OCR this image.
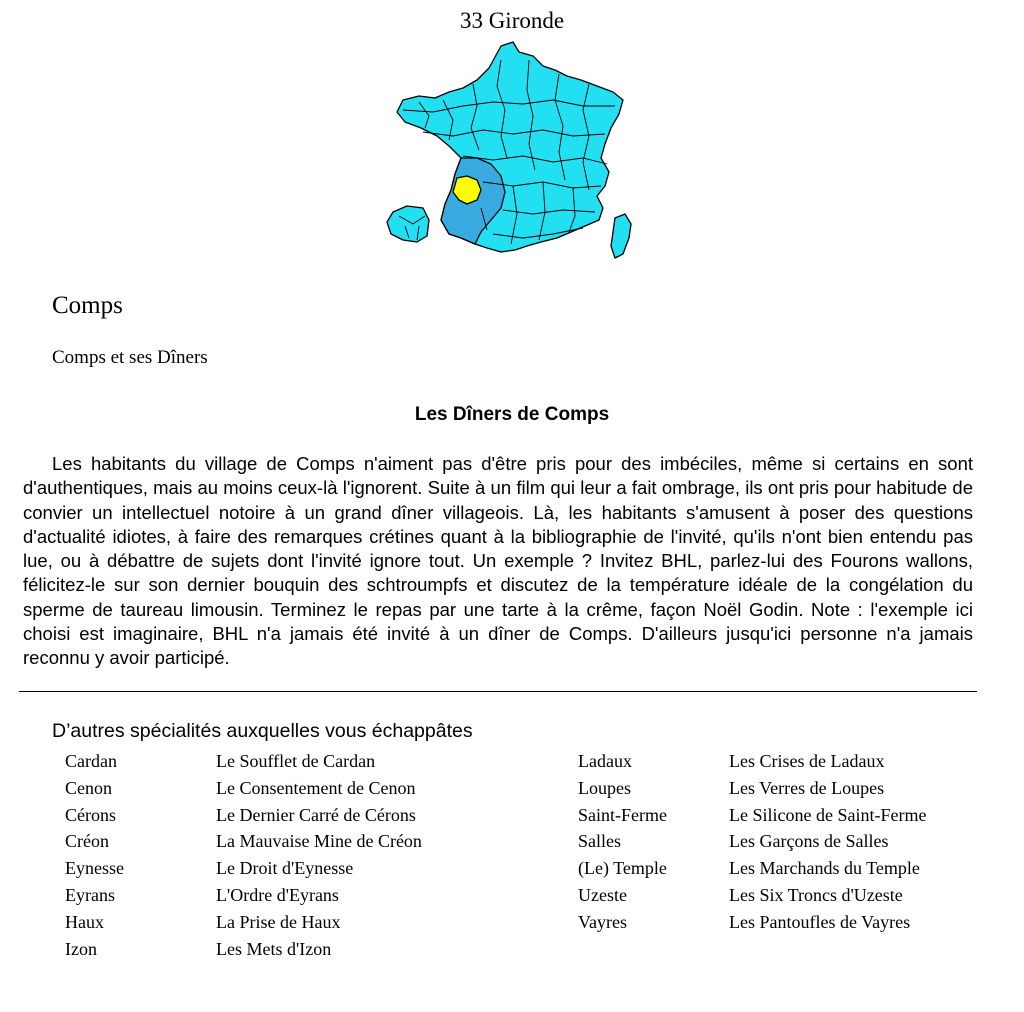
33 Gironde
Comps
Comps et ses Dîners
Les Dîners de Comps

Les habitants du village de Comps n'aiment pas d'être pris pour des imbéciles, même si certains en sont d'authentiques, mais au moins ceux-là l'ignorent. Suite à un film qui leur a fait ombrage, ils ont pris pour habitude de convier un intellectuel notoire à un grand dîner villageois. Là, les habitants s'amusent à poser des questions d'actualité idiotes, à faire des remarques crétines quant à la bibliographie de l'invité, qu'ils n'ont bien entendu pas lue, ou à débattre de sujets dont l'invité ignore tout. Un exemple ? Invitez BHL, parlez-lui des Fourons wallons, félicitez-le sur son dernier bouquin des schtroumpfs et discutez de la température idéale de la congélation du sperme de taureau limousin. Terminez le repas par une tarte à la crême, façon Noël Godin. Note : l'exemple ici choisi est imaginaire, BHL n'a jamais été invité à un dîner de Comps. D'ailleurs jusqu'ici personne n'a jamais reconnu y avoir participé.

D’autres spécialités auxquelles vous échappâtes
Cardan
Cenon
Cérons
Créon
Eynesse
Eyrans
Haux
Izon
Le Soufflet de Cardan
Le Consentement de Cenon
Le Dernier Carré de Cérons
La Mauvaise Mine de Créon
Le Droit d'Eynesse
L'Ordre d'Eyrans
La Prise de Haux
Les Mets d'Izon
Ladaux
Loupes
Saint-Ferme
Salles
(Le) Temple
Uzeste
Vayres
Les Crises de Ladaux
Les Verres de Loupes
Le Silicone de Saint-Ferme
Les Garçons de Salles
Les Marchands du Temple
Les Six Troncs d'Uzeste
Les Pantoufles de Vayres
